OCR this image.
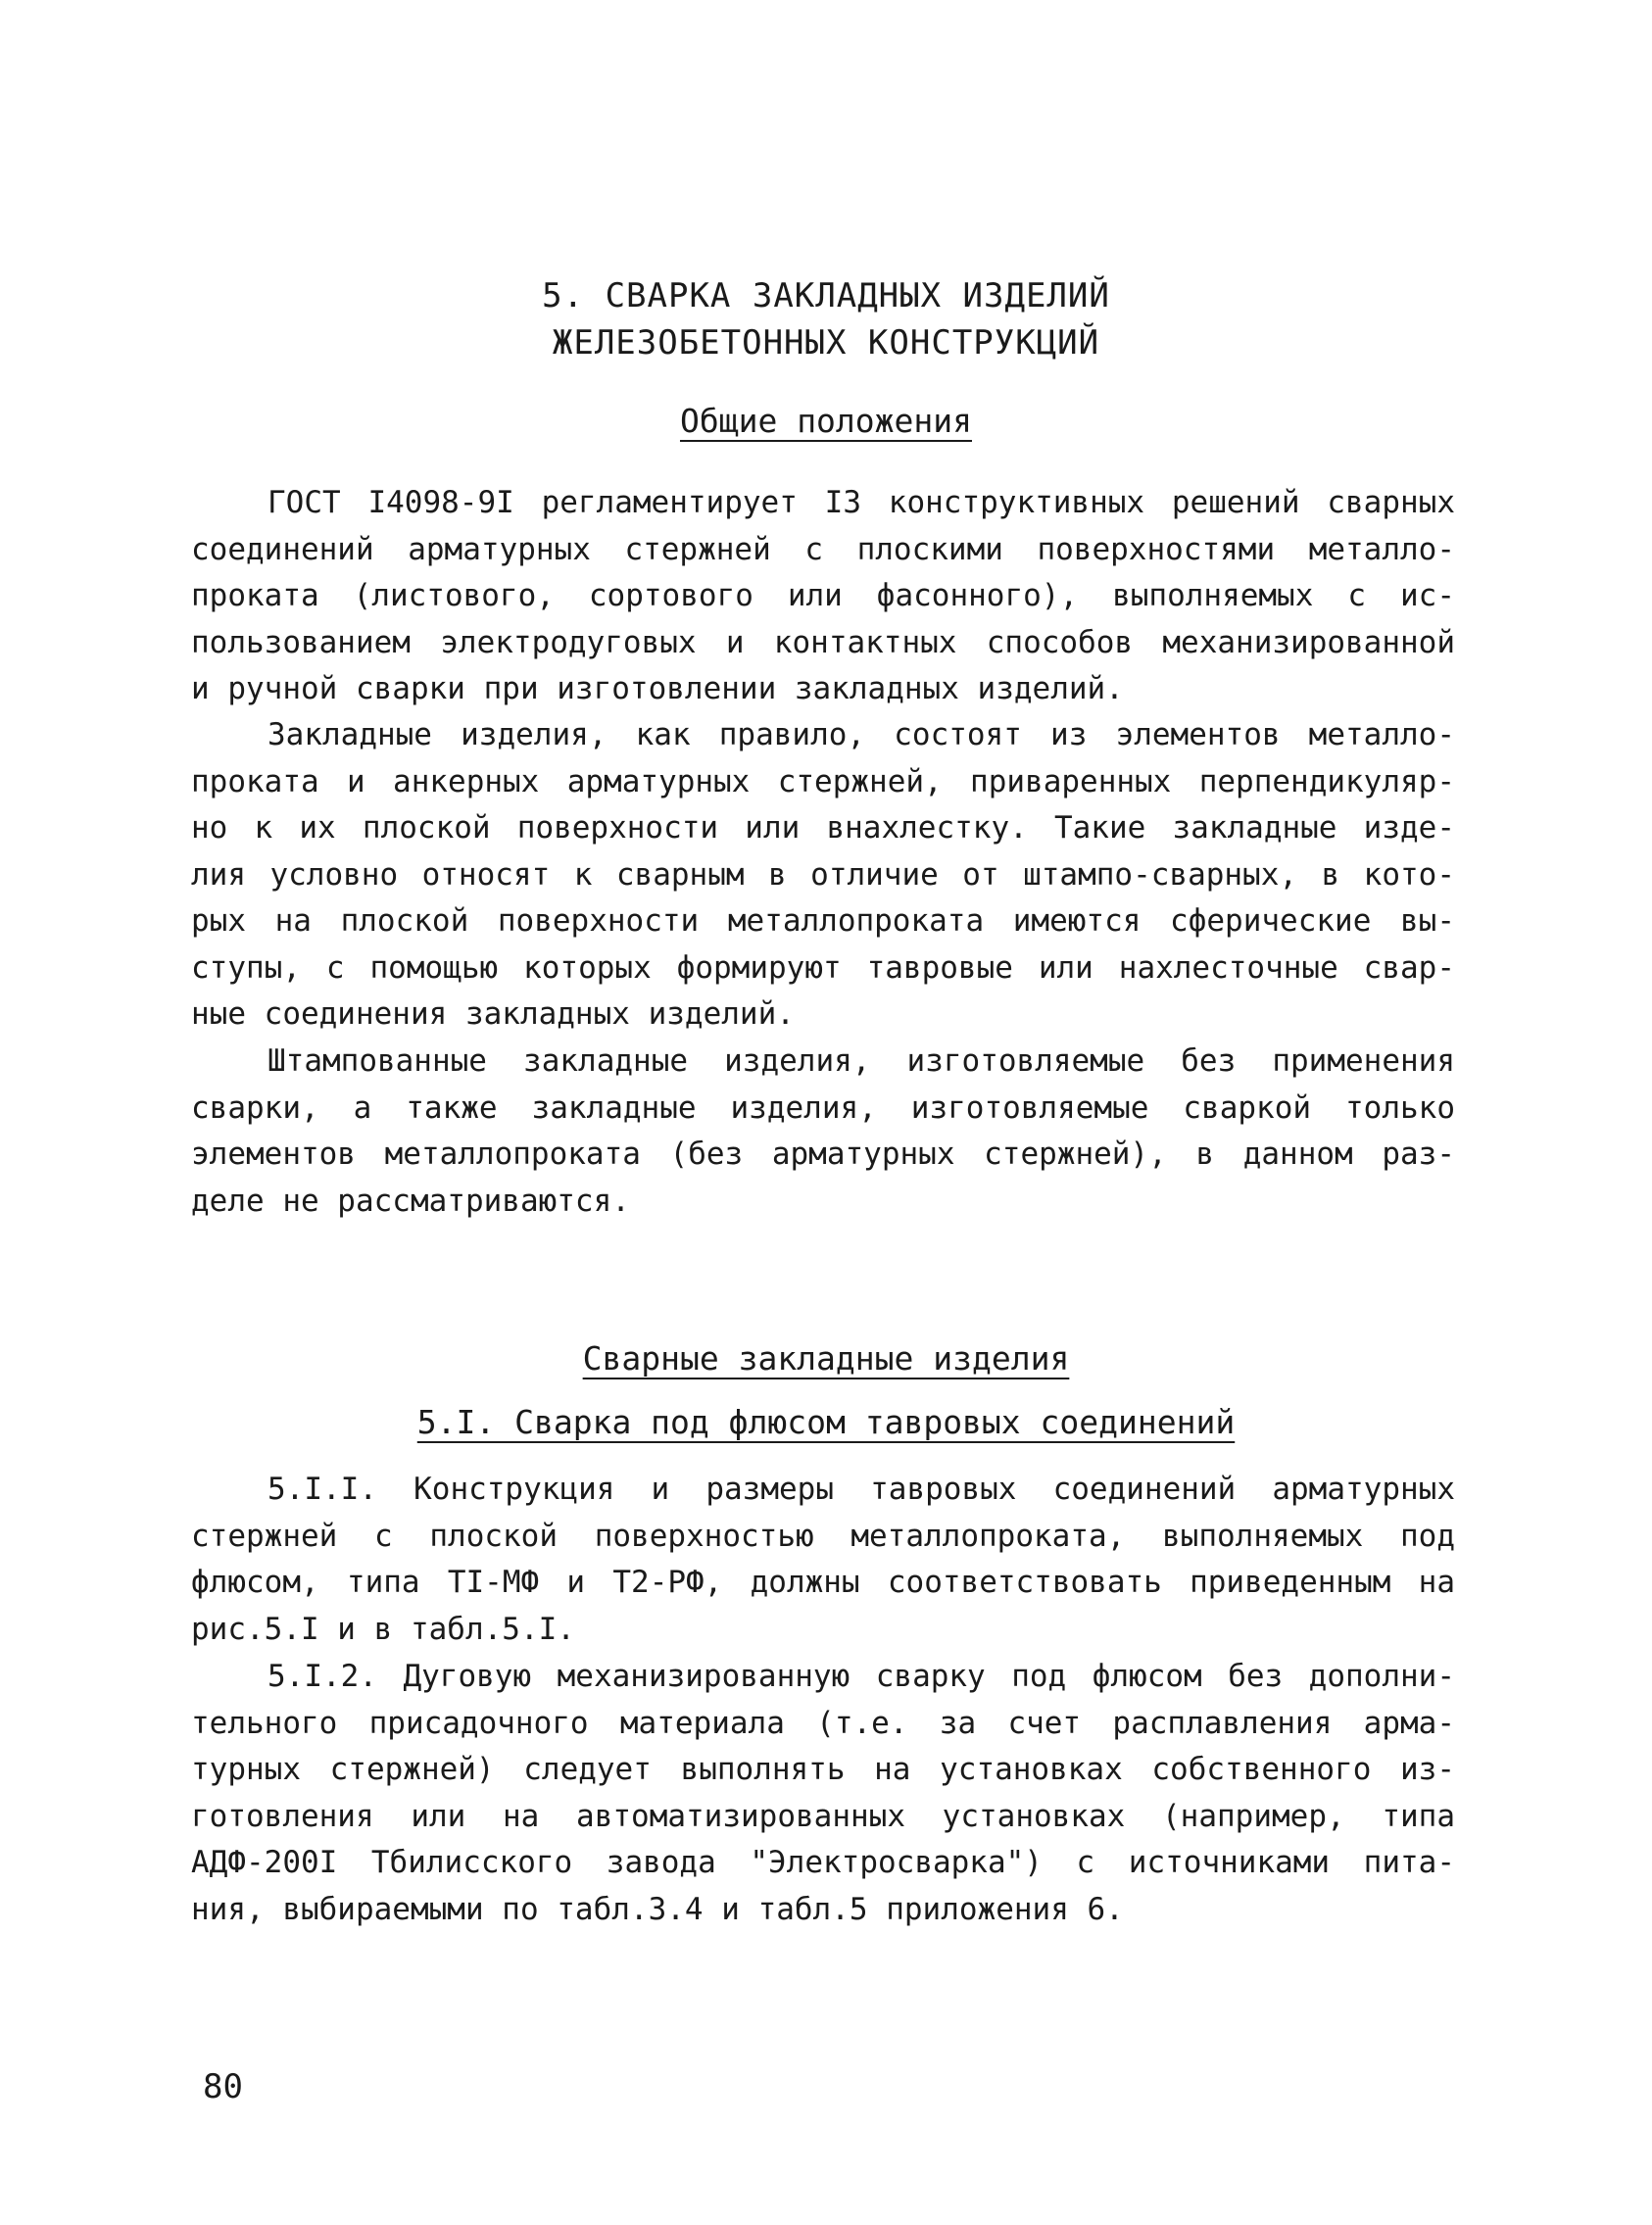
5. СВАРКА ЗАКЛАДНЫХ ИЗДЕЛИЙ
ЖЕЛЕЗОБЕТОННЫХ КОНСТРУКЦИЙ
Общие положения
ГОСТ I4098-9I регламентирует I3 конструктивных решений сварных
соединений арматурных стержней с плоскими поверхностями металло-
проката (листового, сортового или фасонного), выполняемых с ис-
пользованием электродуговых и контактных способов механизированной
и ручной сварки при изготовлении закладных изделий.
Закладные изделия, как правило, состоят из элементов металло-
проката и анкерных арматурных стержней, приваренных перпендикуляр-
но к их плоской поверхности или внахлестку. Такие закладные изде-
лия условно относят к сварным в отличие от штампо-сварных, в кото-
рых на плоской поверхности металлопроката имеются сферические вы-
ступы, с помощью которых формируют тавровые или нахлесточные свар-
ные соединения закладных изделий.
Штампованные закладные изделия, изготовляемые без применения
сварки, а также закладные изделия, изготовляемые сваркой только
элементов металлопроката (без арматурных стержней), в данном раз-
деле не рассматриваются.
Сварные закладные изделия
5.I. Сварка под флюсом тавровых соединений
5.I.I. Конструкция и размеры тавровых соединений арматурных
стержней с плоской поверхностью металлопроката, выполняемых под
флюсом, типа TI-МФ и T2-РФ, должны соответствовать приведенным на
рис.5.I и в табл.5.I.
5.I.2. Дуговую механизированную сварку под флюсом без дополни-
тельного присадочного материала (т.е. за счет расплавления арма-
турных стержней) следует выполнять на установках собственного из-
готовления или на автоматизированных установках (например, типа
АДФ-200I Тбилисского завода "Электросварка") с источниками пита-
ния, выбираемыми по табл.3.4 и табл.5 приложения 6.
80
